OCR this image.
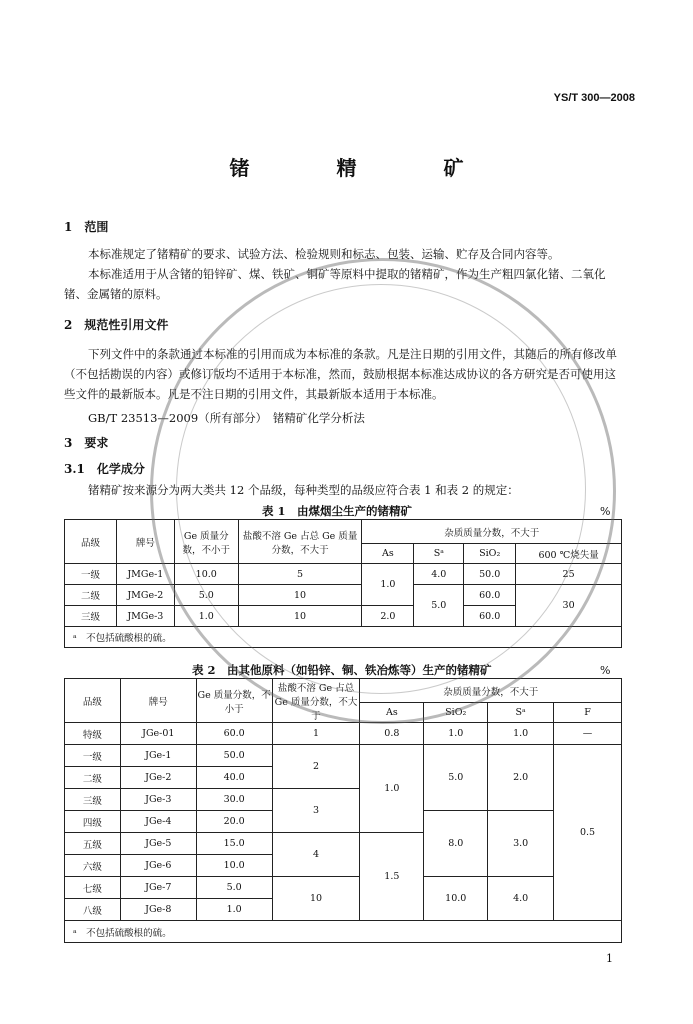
YS/T 300—2008
锗 精 矿
1　范围
本标准规定了锗精矿的要求、试验方法、检验规则和标志、包装、运输、贮存及合同内容等。
本标准适用于从含锗的铅锌矿、煤、铁矿、铜矿等原料中提取的锗精矿，作为生产粗四氯化锗、二氧化锗、金属锗的原料。
2　规范性引用文件
下列文件中的条款通过本标准的引用而成为本标准的条款。凡是注日期的引用文件，其随后的所有修改单（不包括勘误的内容）或修订版均不适用于本标准，然而，鼓励根据本标准达成协议的各方研究是否可使用这些文件的最新版本。凡是不注日期的引用文件，其最新版本适用于本标准。
GB/T 23513—2009（所有部分）　锗精矿化学分析法
3　要求
3.1　化学成分
锗精矿按来源分为两大类共 12 个品级，每种类型的品级应符合表 1 和表 2 的规定：
表 1　由煤烟尘生产的锗精矿	%
品级	牌号	Ge 质量分数，不小于	盐酸不溶 Ge 占总 Ge 质量分数，不大于	杂质质量分数，不大于			
				As	Sᵃ	SiO₂	600 ℃烧失量
一级	JMGe-1	10.0	5	1.0	4.0	50.0	25
二级	JMGe-2	5.0	10		5.0	60.0	30
三级	JMGe-3	1.0	10	2.0		60.0	
ᵃ　不包括硫酸根的硫。							
表 2　由其他原料（如铅锌、铜、铁冶炼等）生产的锗精矿	%
品级	牌号	Ge 质量分数，不小于	盐酸不溶 Ge 占总 Ge 质量分数，不大于	杂质质量分数，不大于			
				As	SiO₂	Sᵃ	F
特级	JGe-01	60.0	1	0.8	1.0	1.0	—
一级	JGe-1	50.0	2	1.0	5.0	2.0	0.5
二级	JGe-2	40.0					
三级	JGe-3	30.0	3				
四级	JGe-4	20.0			8.0	3.0	
五级	JGe-5	15.0	4	1.5			
六级	JGe-6	10.0					
七级	JGe-7	5.0	10		10.0	4.0	
八级	JGe-8	1.0					
ᵃ　不包括硫酸根的硫。							
1
